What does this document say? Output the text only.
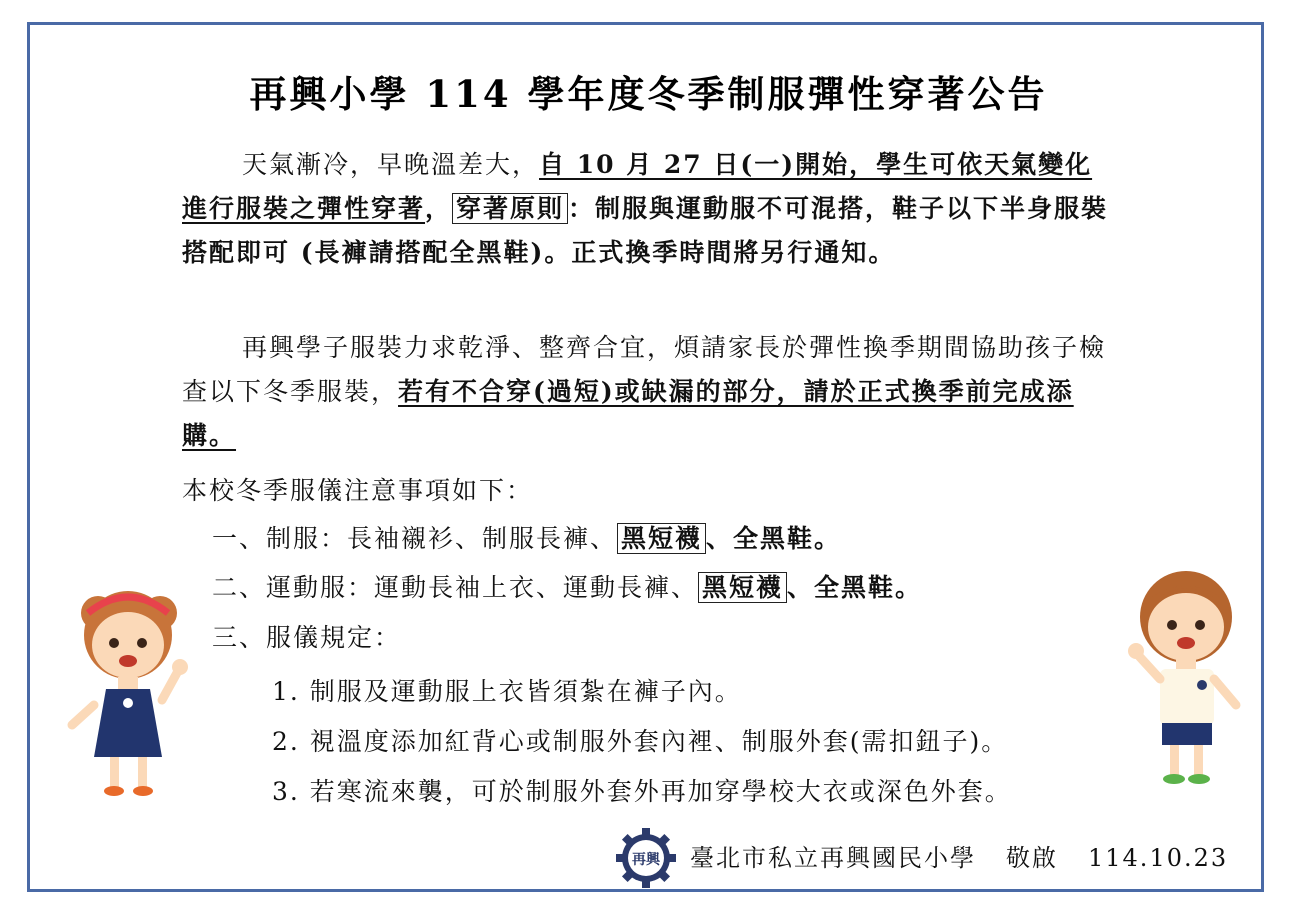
再興小學 114 學年度冬季制服彈性穿著公告
天氣漸冷，早晚溫差大，自 10 月 27 日(一)開始，學生可依天氣變化進行服裝之彈性穿著， 穿著原則 ：制服與運動服不可混搭，鞋子以下半身服裝搭配即可 (長褲請搭配全黑鞋)。正式換季時間將另行通知。
再興學子服裝力求乾淨、整齊合宜，煩請家長於彈性換季期間協助孩子檢查以下冬季服裝，若有不合穿(過短)或缺漏的部分，請於正式換季前完成添購。
本校冬季服儀注意事項如下：
一、制服：長袖襯衫、制服長褲、 黑短襪 、全黑鞋。
二、運動服：運動長袖上衣、運動長褲、 黑短襪 、全黑鞋。
三、服儀規定：
1. 制服及運動服上衣皆須紮在褲子內。
2. 視溫度添加紅背心或制服外套內裡、制服外套(需扣鈕子)。
3. 若寒流來襲，可於制服外套外再加穿學校大衣或深色外套。
再興 臺北市私立再興國民小學 敬啟 114.10.23
